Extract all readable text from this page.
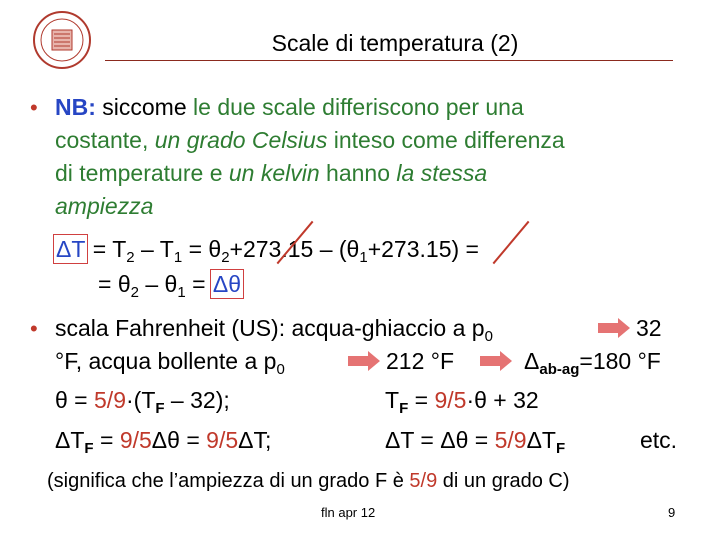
Scale di temperatura (2)
• NB: siccome le due scale differiscono per una
costante, un grado Celsius inteso come differenza
di temperature e un kelvin hanno la stessa
ampiezza
$\Delta T = T_2 - T_1 = \theta_2+273.15 - (\theta_1+273.15)$ =
= $\theta_2 - \theta_1 = \Delta\theta$
• scala Fahrenheit (US): acqua-ghiaccio a $p_0$	32
°F, acqua bollente a $p_0$	212 °F	$\Delta_{ab-ag}=180$ °F
$\theta = 5/9\cdot(T_F - 32)$;	$T_F = 9/5\cdot\theta + 32$
$\Delta T_F = 9/5\Delta\theta = 9/5\Delta T$;	$\Delta T = \Delta\theta = 5/9\Delta T_F$	etc.
(significa che l’ampiezza di un grado F è 5/9 di un grado C)
fln apr 12	9
